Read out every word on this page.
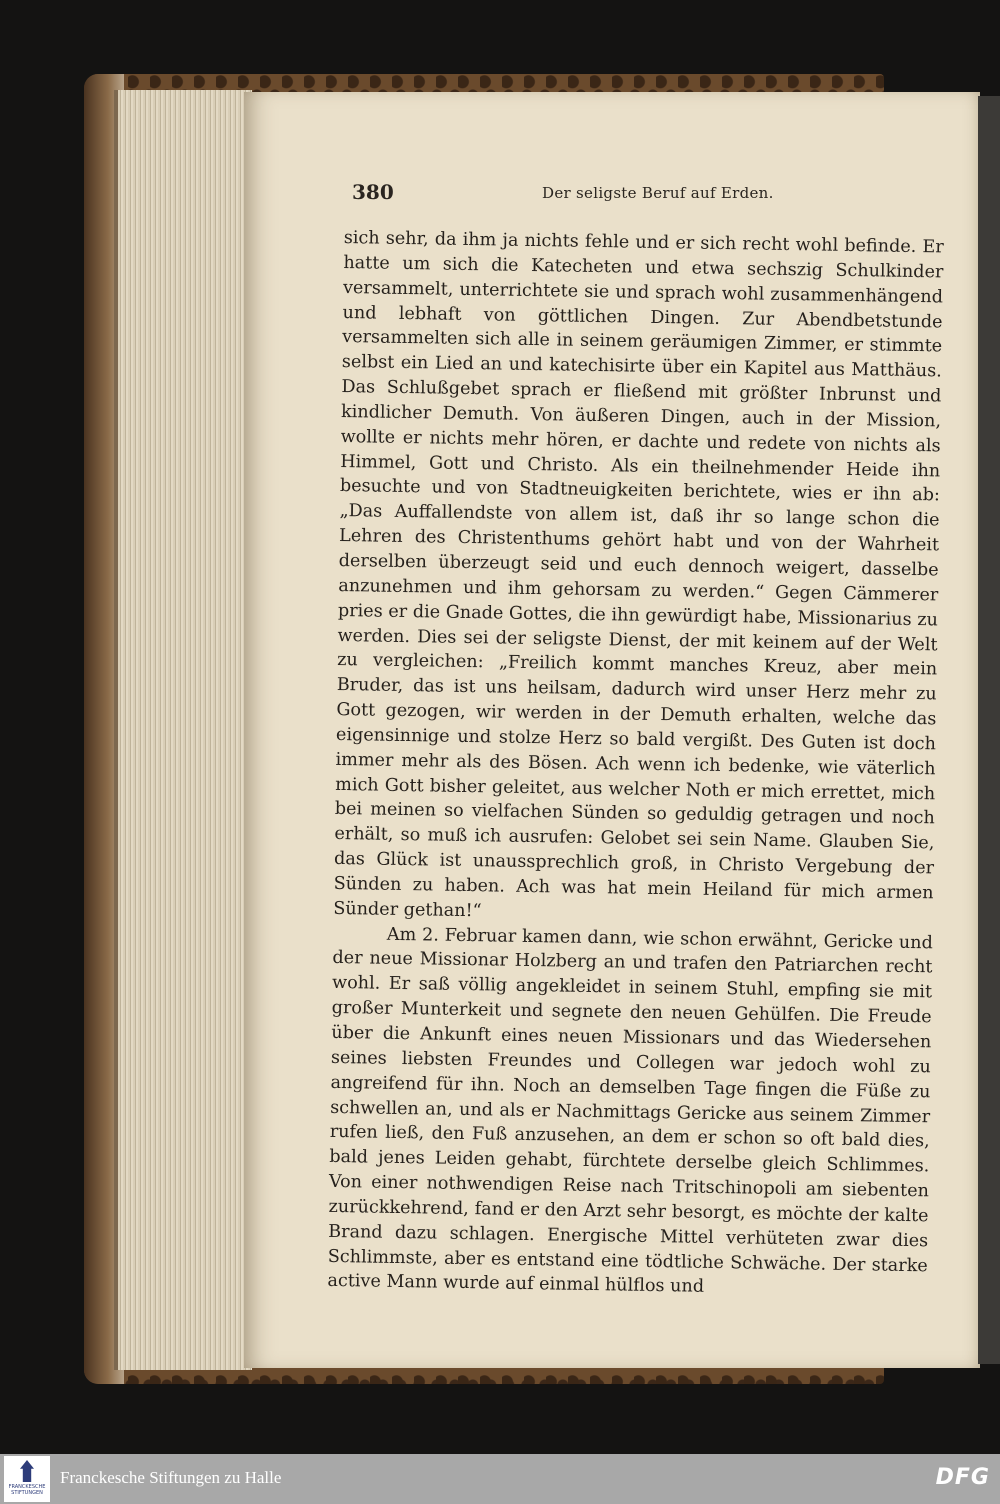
380	Der seligste Beruf auf Erden.

sich sehr, da ihm ja nichts fehle und er sich recht wohl befinde. Er hatte um sich die Katecheten und etwa sechszig Schulkinder versammelt, unterrichtete sie und sprach wohl zusammenhängend und lebhaft von göttlichen Dingen. Zur Abendbetstunde versammelten sich alle in seinem geräumigen Zimmer, er stimmte selbst ein Lied an und katechisirte über ein Kapitel aus Matthäus. Das Schlußgebet sprach er fließend mit größter Inbrunst und kindlicher Demuth. Von äußeren Dingen, auch in der Mission, wollte er nichts mehr hören, er dachte und redete von nichts als Himmel, Gott und Christo. Als ein theilnehmender Heide ihn besuchte und von Stadtneuigkeiten berichtete, wies er ihn ab: „Das Auffallendste von allem ist, daß ihr so lange schon die Lehren des Christenthums gehört habt und von der Wahrheit derselben überzeugt seid und euch dennoch weigert, dasselbe anzunehmen und ihm gehorsam zu werden.“ Gegen Cämmerer pries er die Gnade Gottes, die ihn gewürdigt habe, Missionarius zu werden. Dies sei der seligste Dienst, der mit keinem auf der Welt zu vergleichen: „Freilich kommt manches Kreuz, aber mein Bruder, das ist uns heilsam, dadurch wird unser Herz mehr zu Gott gezogen, wir werden in der Demuth erhalten, welche das eigensinnige und stolze Herz so bald vergißt. Des Guten ist doch immer mehr als des Bösen. Ach wenn ich bedenke, wie väterlich mich Gott bisher geleitet, aus welcher Noth er mich errettet, mich bei meinen so vielfachen Sünden so geduldig getragen und noch erhält, so muß ich ausrufen: Gelobet sei sein Name. Glauben Sie, das Glück ist unaussprechlich groß, in Christo Vergebung der Sünden zu haben. Ach was hat mein Heiland für mich armen Sünder gethan!“

Am 2. Februar kamen dann, wie schon erwähnt, Gericke und der neue Missionar Holzberg an und trafen den Patriarchen recht wohl. Er saß völlig angekleidet in seinem Stuhl, empfing sie mit großer Munterkeit und segnete den neuen Gehülfen. Die Freude über die Ankunft eines neuen Missionars und das Wiedersehen seines liebsten Freundes und Collegen war jedoch wohl zu angreifend für ihn. Noch an demselben Tage fingen die Füße zu schwellen an, und als er Nachmittags Gericke aus seinem Zimmer rufen ließ, den Fuß anzusehen, an dem er schon so oft bald dies, bald jenes Leiden gehabt, fürchtete derselbe gleich Schlimmes. Von einer nothwendigen Reise nach Tritschinopoli am siebenten zurückkehrend, fand er den Arzt sehr besorgt, es möchte der kalte Brand dazu schlagen. Energische Mittel verhüteten zwar dies Schlimmste, aber es entstand eine tödtliche Schwäche. Der starke active Mann wurde auf einmal hülflos und

FRANCKESCHE STIFTUNGEN
Franckesche Stiftungen zu Halle	DFG
